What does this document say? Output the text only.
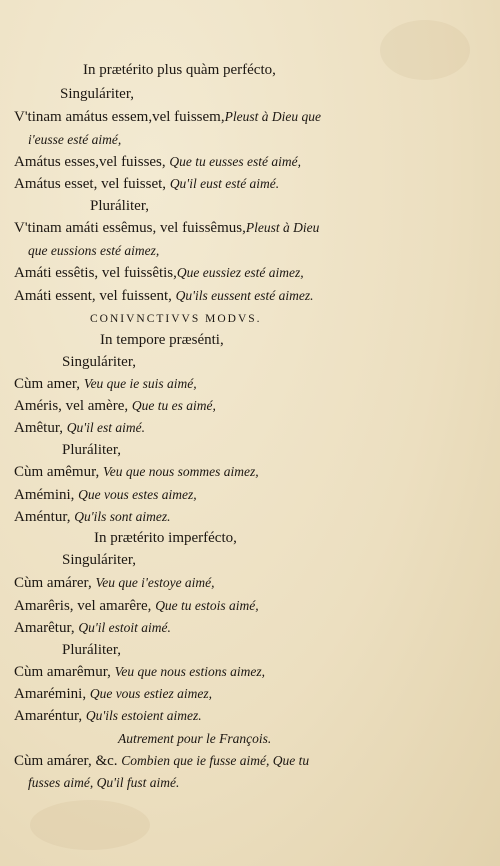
In prætérito plus quàm perfécto,
Singuláriter,
V'tinam amátus essem,vel fuissem,Pleust à Dieu que
i'eusse esté aimé,
Amátus esses,vel fuisses, Que tu eusses esté aimé,
Amátus esset, vel fuisset, Qu'il eust esté aimé.
Pluráliter,
V'tinam amáti essêmus, vel fuissêmus,Pleust à Dieu
que eussions esté aimez,
Amáti essêtis, vel fuissêtis,Que eussiez esté aimez,
Amáti essent, vel fuissent, Qu'ils eussent esté aimez.
CONIVNCTIVVS MODVS.
In tempore præsénti,
Singuláriter,
Cùm amer, Veu que ie suis aimé,
Améris, vel amère, Que tu es aimé,
Amêtur, Qu'il est aimé.
Pluráliter,
Cùm amêmur, Veu que nous sommes aimez,
Amémini, Que vous estes aimez,
Améntur, Qu'ils sont aimez.
In prætérito imperfécto,
Singuláriter,
Cùm amárer, Veu que i'estoye aimé,
Amarêris, vel amarêre, Que tu estois aimé,
Amarêtur, Qu'il estoit aimé.
Pluráliter,
Cùm amarêmur, Veu que nous estions aimez,
Amarémini, Que vous estiez aimez,
Amaréntur, Qu'ils estoient aimez.
Autrement pour le François.
Cùm amárer, &c. Combien que ie fusse aimé, Que tu
fusses aimé, Qu'il fust aimé.
